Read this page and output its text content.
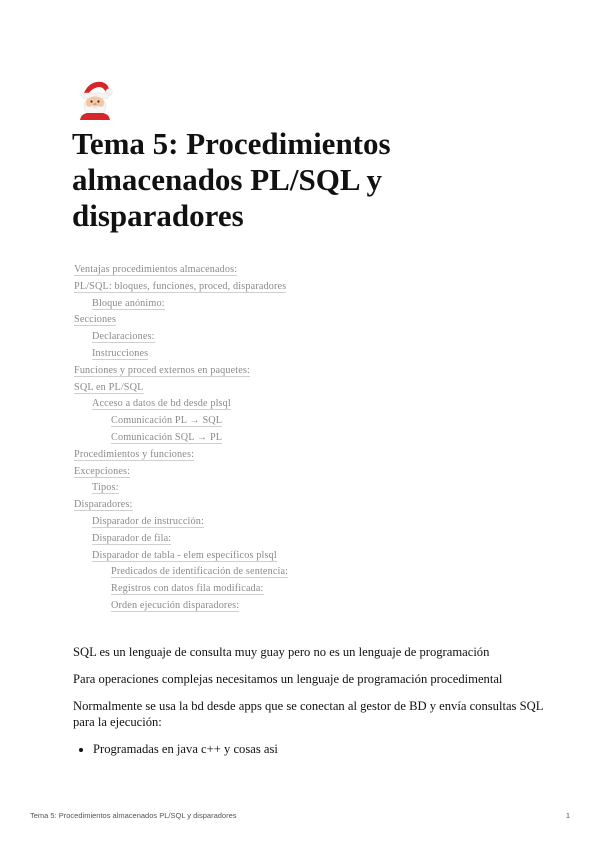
Tema 5: Procedimientos almacenados PL/SQL y disparadores
Ventajas procedimientos almacenados:
PL/SQL: bloques, funciones, proced, disparadores
Bloque anónimo:
Secciones
Declaraciones:
Instrucciones
Funciones y proced externos en paquetes:
SQL en PL/SQL
Acceso a datos de bd desde plsql
Comunicación PL → SQL
Comunicación SQL → PL
Procedimientos y funciones:
Excepciones:
Tipos:
Disparadores:
Disparador de instrucción:
Disparador de fila:
Disparador de tabla - elem específicos plsql
Predicados de identificación de sentencia:
Registros con datos fila modificada:
Orden ejecución disparadores:

SQL es un lenguaje de consulta muy guay pero no es un lenguaje de programación

Para operaciones complejas necesitamos un lenguaje de programación procedimental

Normalmente se usa la bd desde apps que se conectan al gestor de BD y envía consultas SQL para la ejecución:

• Programadas en java c++ y cosas asi
Tema 5: Procedimientos almacenados PL/SQL y disparadores	1
